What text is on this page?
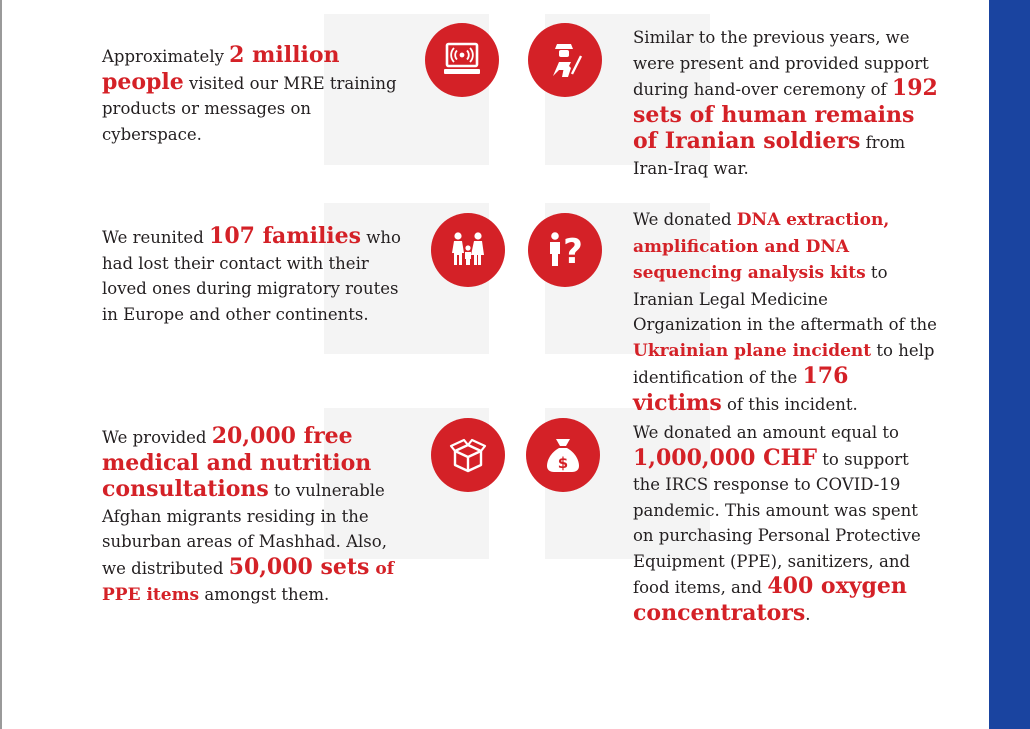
?
$
Approximately 2 million people visited our MRE training products or messages on cyberspace.
Similar to the previous years, we were present and provided support during hand-over ceremony of 192 sets of human remains of Iranian soldiers from Iran-Iraq war.
We reunited 107 families who had lost their contact with their loved ones during migratory routes in Europe and other continents.
We donated DNA extraction, amplification and DNA sequencing analysis kits to Iranian Legal Medicine Organization in the aftermath of the Ukrainian plane incident to help identification of the 176 victims of this incident.
We provided 20,000 free medical and nutrition consultations to vulnerable Afghan migrants residing in the suburban areas of Mashhad. Also, we distributed 50,000 sets of PPE items amongst them.
We donated an amount equal to 1,000,000 CHF to support the IRCS response to COVID-19 pandemic. This amount was spent on purchasing Personal Protective Equipment (PPE), sanitizers, and food items, and 400 oxygen concentrators.
